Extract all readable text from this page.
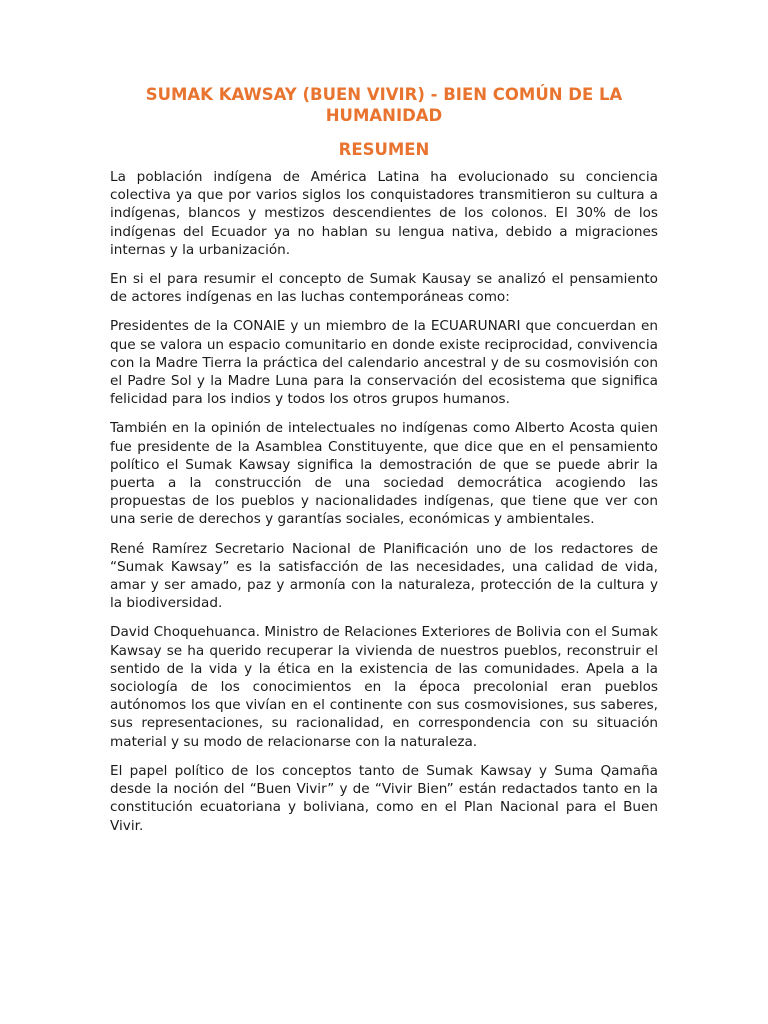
SUMAK KAWSAY (BUEN VIVIR) - BIEN COMÚN DE LA HUMANIDAD
RESUMEN

La población indígena de América Latina ha evolucionado su conciencia colectiva ya que por varios siglos los conquistadores transmitieron su cultura a indígenas, blancos y mestizos descendientes de los colonos. El 30% de los indígenas del Ecuador ya no hablan su lengua nativa, debido a migraciones internas y la urbanización.

En si el para resumir el concepto de Sumak Kausay se analizó el pensamiento de actores indígenas en las luchas contemporáneas como:

Presidentes de la CONAIE y un miembro de la ECUARUNARI que concuerdan en que se valora un espacio comunitario en donde existe reciprocidad, convivencia con la Madre Tierra la práctica del calendario ancestral y de su cosmovisión con el Padre Sol y la Madre Luna para la conservación del ecosistema que significa felicidad para los indios y todos los otros grupos humanos.

También en la opinión de intelectuales no indígenas como Alberto Acosta quien fue presidente de la Asamblea Constituyente, que dice que en el pensamiento político el Sumak Kawsay significa la demostración de que se puede abrir la puerta a la construcción de una sociedad democrática acogiendo las propuestas de los pueblos y nacionalidades indígenas, que tiene que ver con una serie de derechos y garantías sociales, económicas y ambientales.

René Ramírez Secretario Nacional de Planificación uno de los redactores de “Sumak Kawsay” es la satisfacción de las necesidades, una calidad de vida, amar y ser amado, paz y armonía con la naturaleza, protección de la cultura y la biodiversidad.

David Choquehuanca. Ministro de Relaciones Exteriores de Bolivia con el Sumak Kawsay se ha querido recuperar la vivienda de nuestros pueblos, reconstruir el sentido de la vida y la ética en la existencia de las comunidades. Apela a la sociología de los conocimientos en la época precolonial eran pueblos autónomos los que vivían en el continente con sus cosmovisiones, sus saberes, sus representaciones, su racionalidad, en correspondencia con su situación material y su modo de relacionarse con la naturaleza.

El papel político de los conceptos tanto de Sumak Kawsay y Suma Qamaña desde la noción del “Buen Vivir” y de “Vivir Bien” están redactados tanto en la constitución ecuatoriana y boliviana, como en el Plan Nacional para el Buen Vivir.
